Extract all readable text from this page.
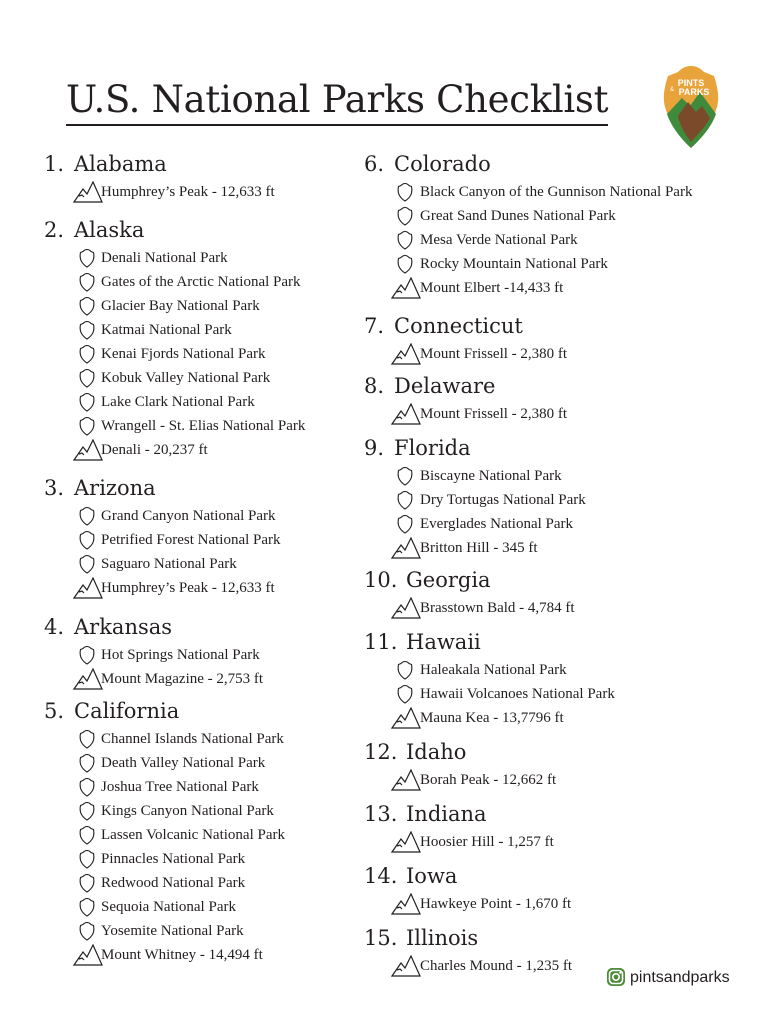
U.S. National Parks Checklist	PINTS
& PARKS
1. Alabama
Humphrey’s Peak - 12,633 ft
2. Alaska
Denali National Park
Gates of the Arctic National Park
Glacier Bay National Park
Katmai National Park
Kenai Fjords National Park
Kobuk Valley National Park
Lake Clark National Park
Wrangell - St. Elias National Park
Denali - 20,237 ft
3. Arizona
Grand Canyon National Park
Petrified Forest National Park
Saguaro National Park
Humphrey’s Peak - 12,633 ft
4. Arkansas
Hot Springs National Park
Mount Magazine - 2,753 ft
5. California
Channel Islands National Park
Death Valley National Park
Joshua Tree National Park
Kings Canyon National Park
Lassen Volcanic National Park
Pinnacles National Park
Redwood National Park
Sequoia National Park
Yosemite National Park
Mount Whitney - 14,494 ft
6. Colorado
Black Canyon of the Gunnison National Park
Great Sand Dunes National Park
Mesa Verde National Park
Rocky Mountain National Park
Mount Elbert -14,433 ft
7. Connecticut
Mount Frissell - 2,380 ft
8. Delaware
Mount Frissell - 2,380 ft
9. Florida
Biscayne National Park
Dry Tortugas National Park
Everglades National Park
Britton Hill - 345 ft
10. Georgia
Brasstown Bald - 4,784 ft
11. Hawaii
Haleakala National Park
Hawaii Volcanoes National Park
Mauna Kea - 13,7796 ft
12. Idaho
Borah Peak - 12,662 ft
13. Indiana
Hoosier Hill - 1,257 ft
14. Iowa
Hawkeye Point - 1,670 ft
15. Illinois
Charles Mound - 1,235 ft
pintsandparks
